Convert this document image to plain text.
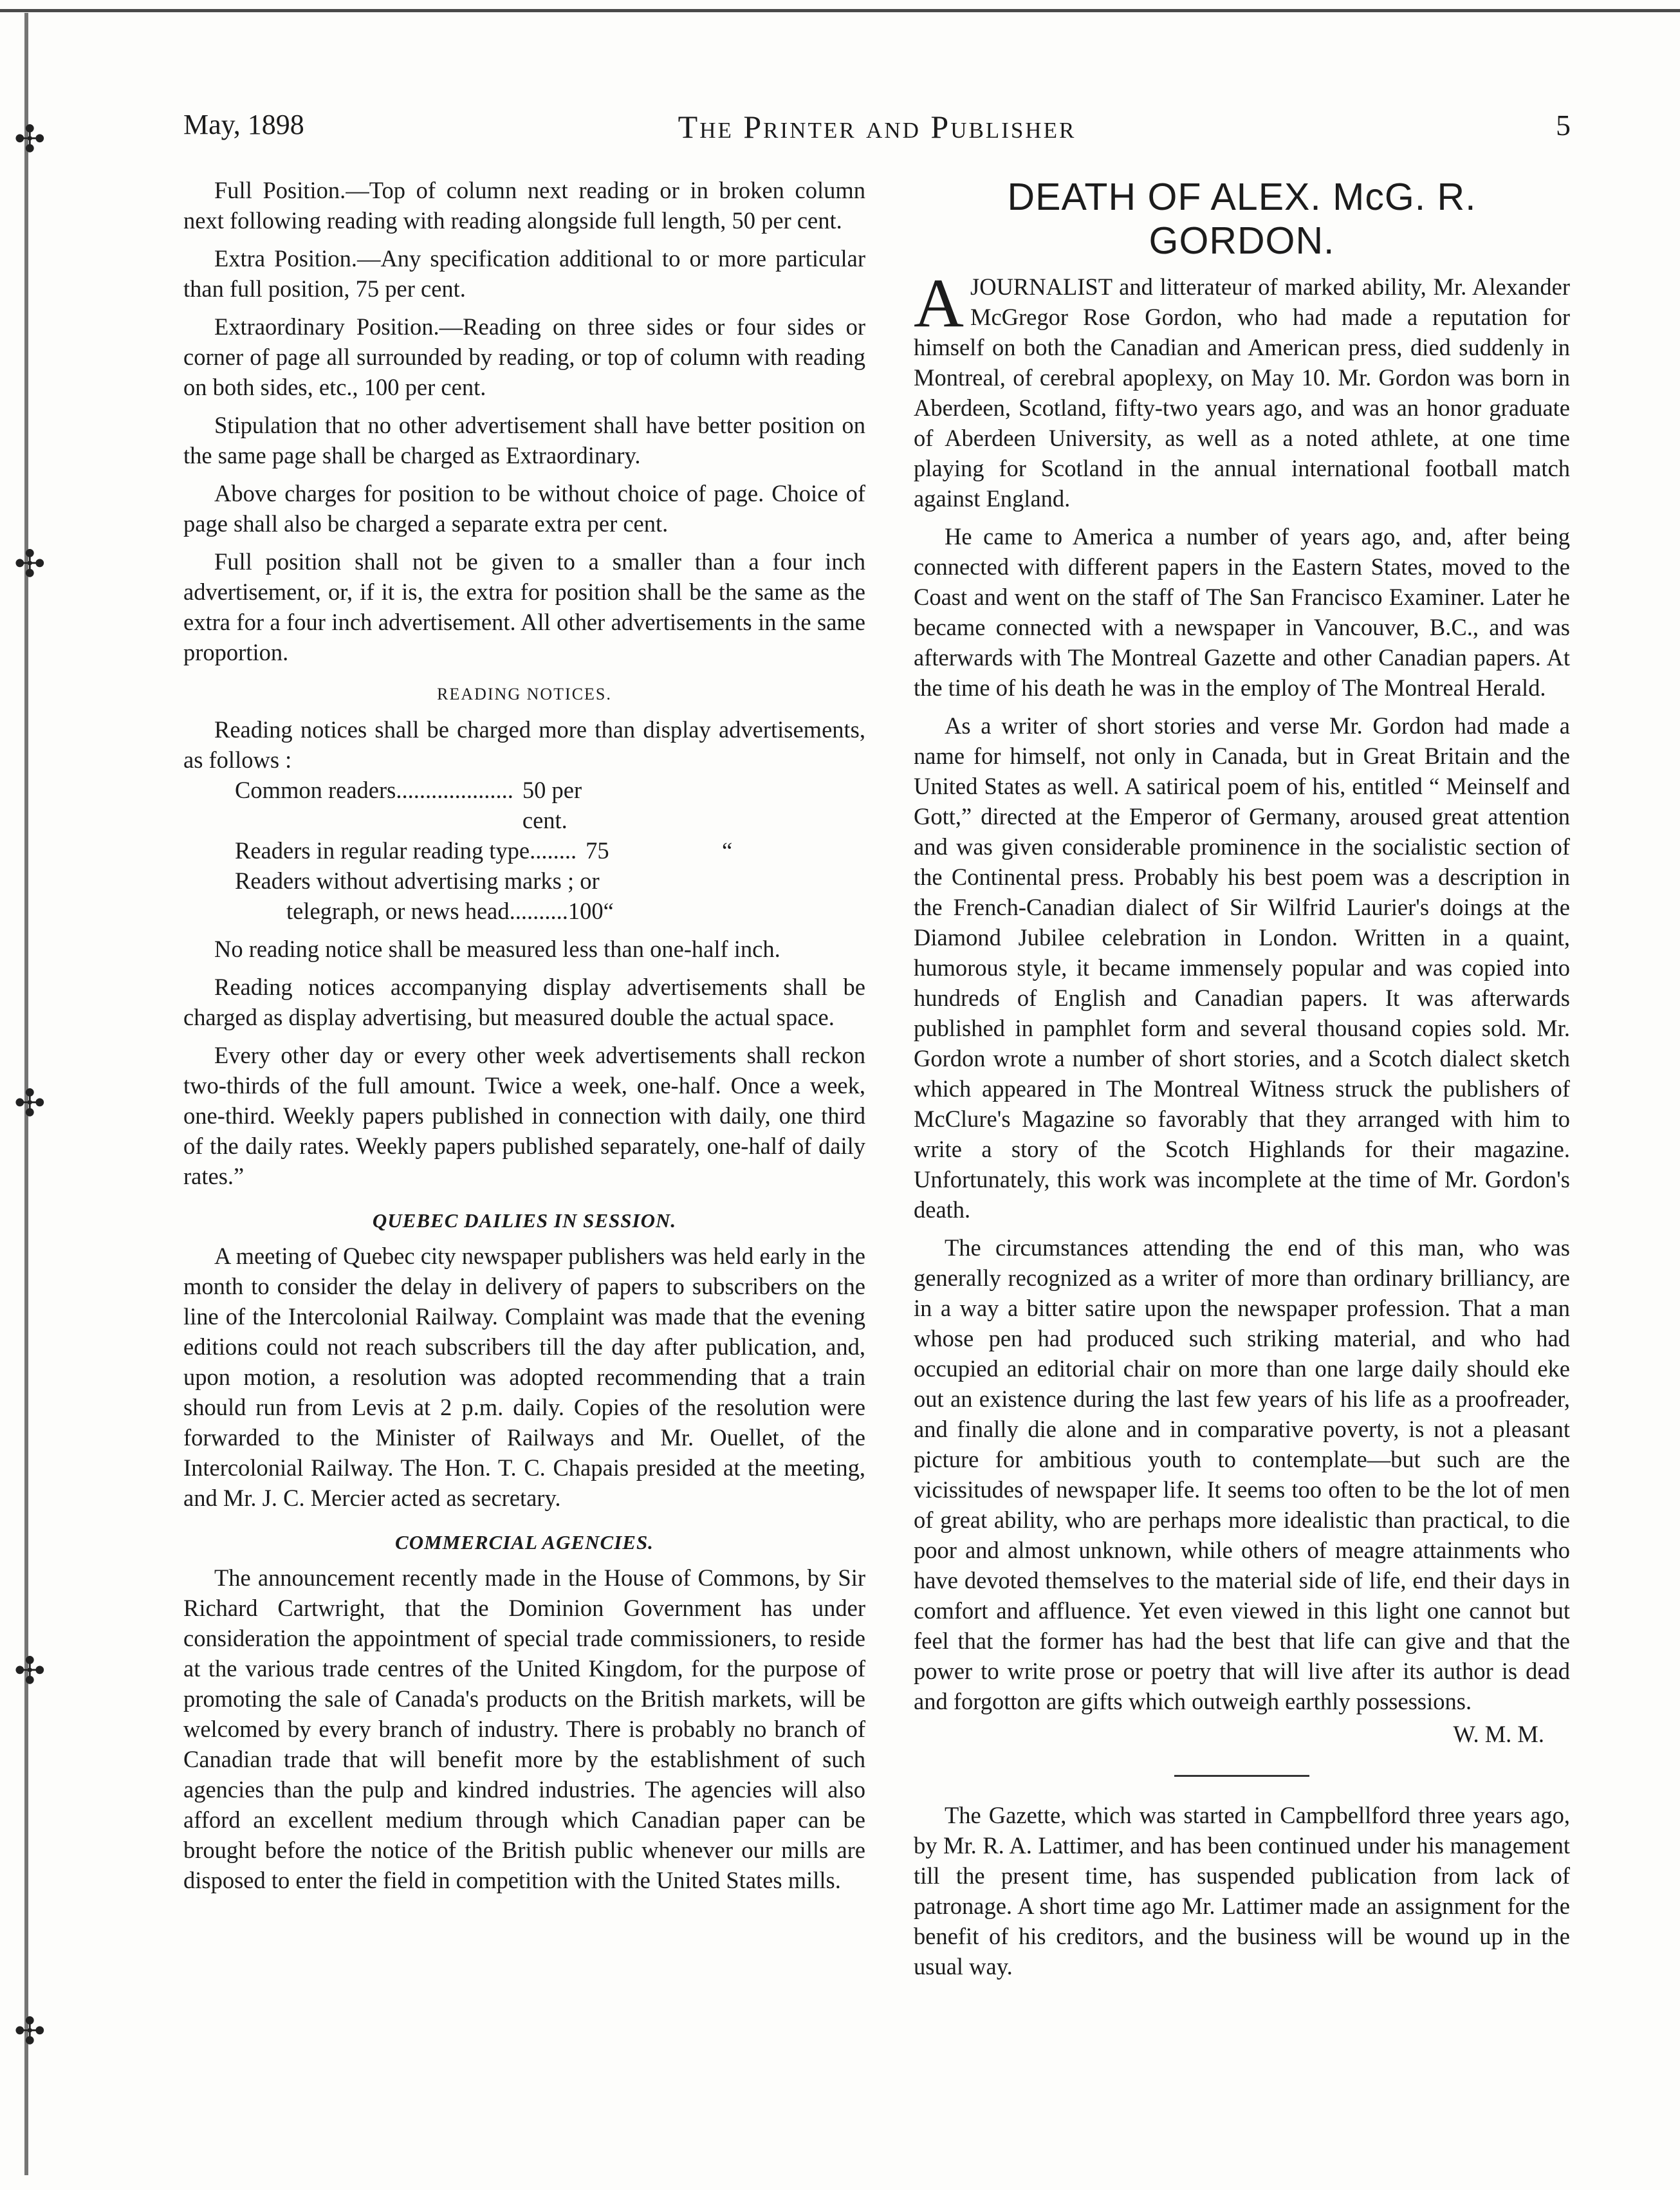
✣
✣
✣
✣
✣
May, 1898	The Printer and Publisher	5

Full Position.—Top of column next reading or in broken column next following reading with reading alongside full length, 50 per cent.

Extra Position.—Any specification additional to or more particular than full position, 75 per cent.

Extraordinary Position.—Reading on three sides or four sides or corner of page all surrounded by reading, or top of column with reading on both sides, etc., 100 per cent.

Stipulation that no other advertisement shall have better position on the same page shall be charged as Extraordinary.

Above charges for position to be without choice of page. Choice of page shall also be charged a separate extra per cent.

Full position shall not be given to a smaller than a four inch advertisement, or, if it is, the extra for position shall be the same as the extra for a four inch advertisement. All other advertisements in the same proportion.

READING NOTICES.

Reading notices shall be charged more than display advertisements, as follows :

Common readers.................... 50 per cent.
Readers in regular reading type........ 75	“
Readers without advertising marks ; or
telegraph, or news head.......... 100 “

No reading notice shall be measured less than one-half inch.

Reading notices accompanying display advertisements shall be charged as display advertising, but measured double the actual space.

Every other day or every other week advertisements shall reckon two-thirds of the full amount. Twice a week, one-half. Once a week, one-third. Weekly papers published in connection with daily, one third of the daily rates. Weekly papers published separately, one-half of daily rates.”

QUEBEC DAILIES IN SESSION.

A meeting of Quebec city newspaper publishers was held early in the month to consider the delay in delivery of papers to subscribers on the line of the Intercolonial Railway. Complaint was made that the evening editions could not reach subscribers till the day after publication, and, upon motion, a resolution was adopted recommending that a train should run from Levis at 2 p.m. daily. Copies of the resolution were forwarded to the Minister of Railways and Mr. Ouellet, of the Intercolonial Railway. The Hon. T. C. Chapais presided at the meeting, and Mr. J. C. Mercier acted as secretary.

COMMERCIAL AGENCIES.

The announcement recently made in the House of Commons, by Sir Richard Cartwright, that the Dominion Government has under consideration the appointment of special trade commissioners, to reside at the various trade centres of the United Kingdom, for the purpose of promoting the sale of Canada's products on the British markets, will be welcomed by every branch of industry. There is probably no branch of Canadian trade that will benefit more by the establishment of such agencies than the pulp and kindred industries. The agencies will also afford an excellent medium through which Canadian paper can be brought before the notice of the British public whenever our mills are disposed to enter the field in competition with the United States mills.

DEATH OF ALEX. McG. R. GORDON.

AJOURNALIST and litterateur of marked ability, Mr. Alexander McGregor Rose Gordon, who had made a reputation for himself on both the Canadian and American press, died suddenly in Montreal, of cerebral apoplexy, on May 10. Mr. Gordon was born in Aberdeen, Scotland, fifty-two years ago, and was an honor graduate of Aberdeen University, as well as a noted athlete, at one time playing for Scotland in the annual international football match against England.

He came to America a number of years ago, and, after being connected with different papers in the Eastern States, moved to the Coast and went on the staff of The San Francisco Examiner. Later he became connected with a newspaper in Vancouver, B.C., and was afterwards with The Montreal Gazette and other Canadian papers. At the time of his death he was in the employ of The Montreal Herald.

As a writer of short stories and verse Mr. Gordon had made a name for himself, not only in Canada, but in Great Britain and the United States as well. A satirical poem of his, entitled “ Meinself and Gott,” directed at the Emperor of Germany, aroused great attention and was given considerable prominence in the socialistic section of the Continental press. Probably his best poem was a description in the French-Canadian dialect of Sir Wilfrid Laurier's doings at the Diamond Jubilee celebration in London. Written in a quaint, humorous style, it became immensely popular and was copied into hundreds of English and Canadian papers. It was afterwards published in pamphlet form and several thousand copies sold. Mr. Gordon wrote a number of short stories, and a Scotch dialect sketch which appeared in The Montreal Witness struck the publishers of McClure's Magazine so favorably that they arranged with him to write a story of the Scotch Highlands for their magazine. Unfortunately, this work was incomplete at the time of Mr. Gordon's death.

The circumstances attending the end of this man, who was generally recognized as a writer of more than ordinary brilliancy, are in a way a bitter satire upon the newspaper profession. That a man whose pen had produced such striking material, and who had occupied an editorial chair on more than one large daily should eke out an existence during the last few years of his life as a proofreader, and finally die alone and in comparative poverty, is not a pleasant picture for ambitious youth to contemplate—but such are the vicissitudes of newspaper life. It seems too often to be the lot of men of great ability, who are perhaps more idealistic than practical, to die poor and almost unknown, while others of meagre attainments who have devoted themselves to the material side of life, end their days in comfort and affluence. Yet even viewed in this light one cannot but feel that the former has had the best that life can give and that the power to write prose or poetry that will live after its author is dead and forgotton are gifts which outweigh earthly possessions.

W. M. M.

The Gazette, which was started in Campbellford three years ago, by Mr. R. A. Lattimer, and has been continued under his management till the present time, has suspended publication from lack of patronage. A short time ago Mr. Lattimer made an assignment for the benefit of his creditors, and the business will be wound up in the usual way.
